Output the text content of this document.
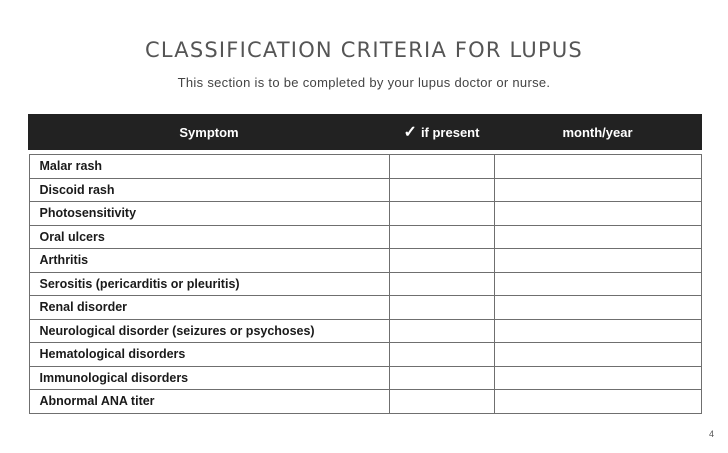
CLASSIFICATION CRITERIA FOR LUPUS
This section is to be completed by your lupus doctor or nurse.
Symptom	✓ if present	month/year

Malar rash		
Discoid rash		
Photosensitivity		
Oral ulcers		
Arthritis		
Serositis (pericarditis or pleuritis)		
Renal disorder		
Neurological disorder (seizures or psychoses)		
Hematological disorders		
Immunological disorders		
Abnormal ANA titer		
4
